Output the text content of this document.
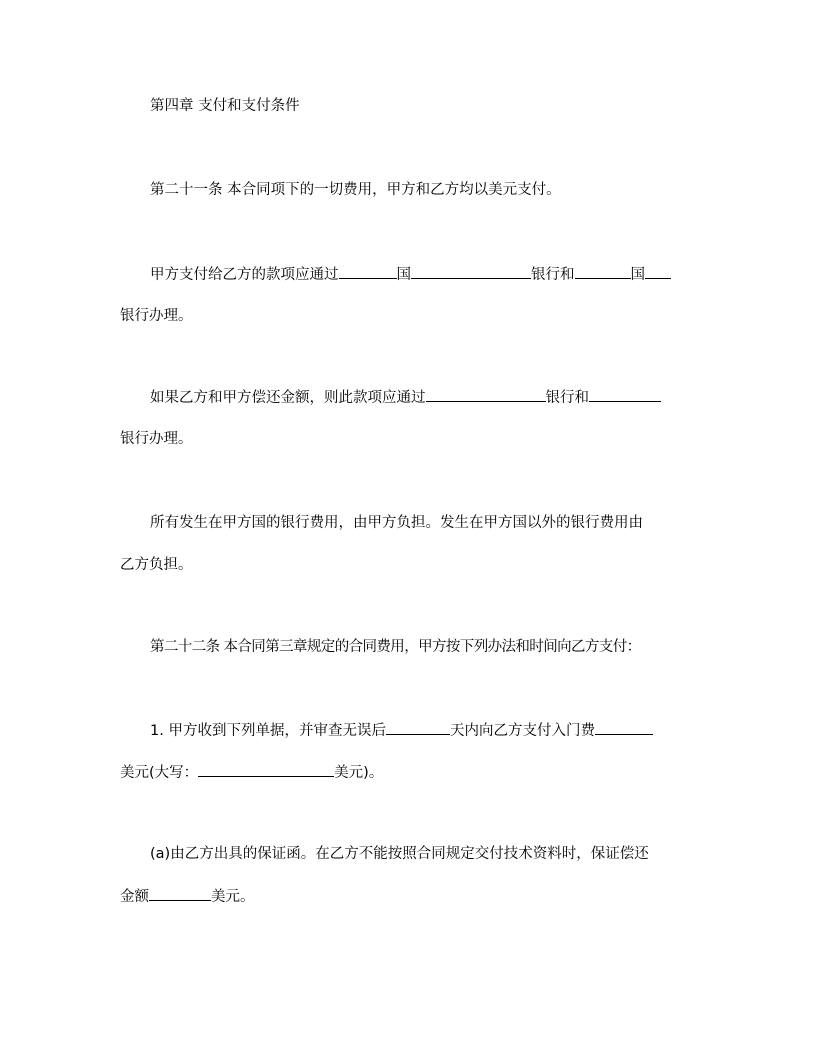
第四章 支付和支付条件
第二十一条 本合同项下的一切费用，甲方和乙方均以美元支付。
甲方支付给乙方的款项应通过	国	银行和	国
银行办理。
如果乙方和甲方偿还金额，则此款项应通过	银行和
银行办理。
所有发生在甲方国的银行费用，由甲方负担。发生在甲方国以外的银行费用由
乙方负担。
第二十二条 本合同第三章规定的合同费用，甲方按下列办法和时间向乙方支付：
1. 甲方收到下列单据，并审查无误后	天内向乙方支付入门费
美元(大写：	美元)。
(a)由乙方出具的保证函。在乙方不能按照合同规定交付技术资料时，保证偿还
金额	美元。
